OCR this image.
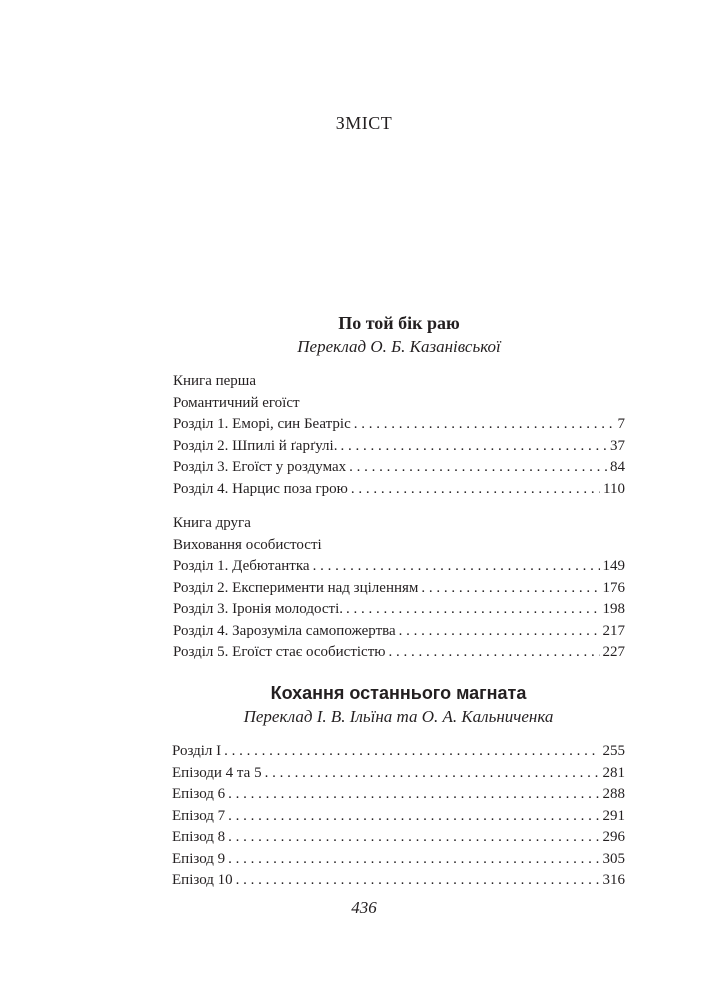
ЗМІСТ
По той бік раю
Переклад О. Б. Казанівської
Книга перша
Романтичний егоїст
Розділ 1. Еморі, син Беатріс . . .	7
Розділ 2. Шпилі й ґарґулі. . . .	37
Розділ 3. Егоїст у роздумах . . .	84
Розділ 4. Нарцис поза грою . . .	110
Книга друга
Виховання особистості
Розділ 1. Дебютантка . . .	149
Розділ 2. Експерименти над зціленням . . .	176
Розділ 3. Іронія молодості. . . .	198
Розділ 4. Зарозуміла самопожертва . . .	217
Розділ 5. Егоїст стає особистістю . . .	227
Кохання останнього магната
Переклад І. В. Ільїна та О. А. Кальниченка
Розділ I . . .	255
Епізоди 4 та 5 . . .	281
Епізод 6 . . .	288
Епізод 7 . . .	291
Епізод 8 . . .	296
Епізод 9 . . .	305
Епізод 10 . . .	316
436
